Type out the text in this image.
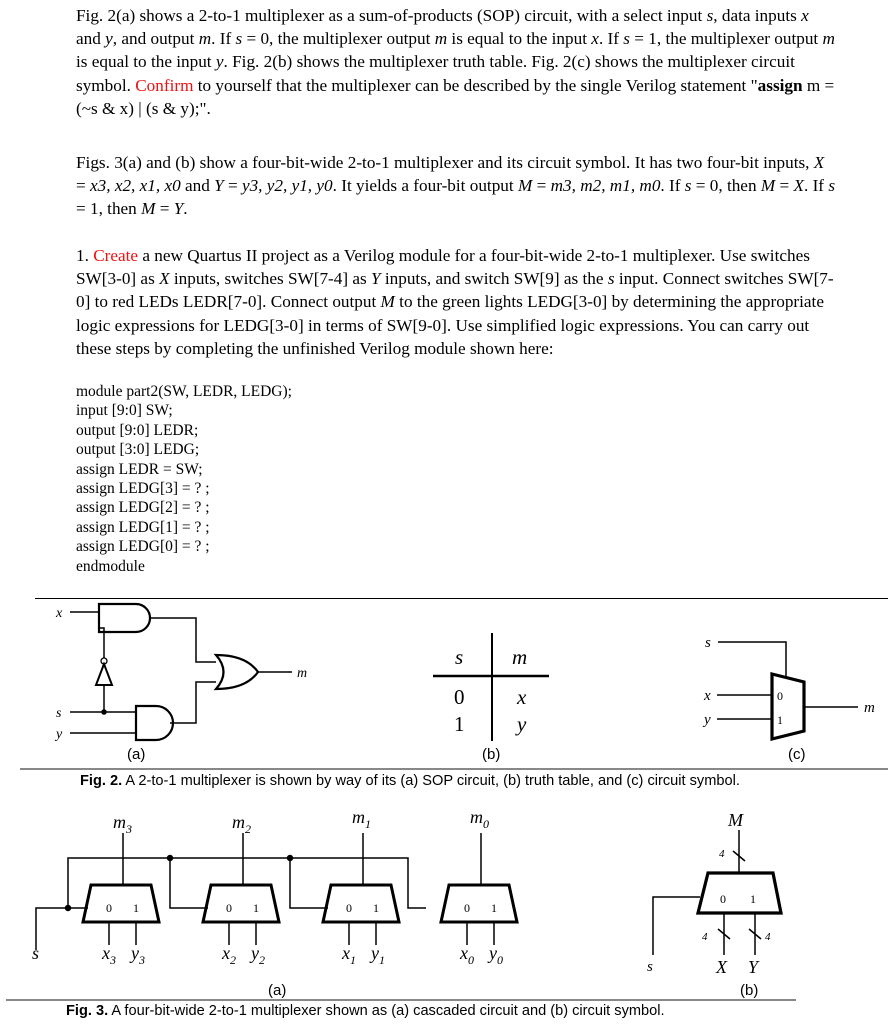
Fig. 2(a) shows a 2-to-1 multiplexer as a sum-of-products (SOP) circuit, with a select input s, data inputs x and y, and output m. If s = 0, the multiplexer output m is equal to the input x. If s = 1, the multiplexer output m is equal to the input y. Fig. 2(b) shows the multiplexer truth table. Fig. 2(c) shows the multiplexer circuit symbol. Confirm to yourself that the multiplexer can be described by the single Verilog statement "assign m = (~s & x) | (s & y);".
Figs. 3(a) and (b) show a four-bit-wide 2-to-1 multiplexer and its circuit symbol. It has two four-bit inputs, X = x3, x2, x1, x0 and Y = y3, y2, y1, y0. It yields a four-bit output M = m3, m2, m1, m0. If s = 0, then M = X. If s = 1, then M = Y.
1. Create a new Quartus II project as a Verilog module for a four-bit-wide 2-to-1 multiplexer. Use switches SW[3-0] as X inputs, switches SW[7-4] as Y inputs, and switch SW[9] as the s input. Connect switches SW[7-0] to red LEDs LEDR[7-0]. Connect output M to the green lights LEDG[3-0] by determining the appropriate logic expressions for LEDG[3-0] in terms of SW[9-0]. Use simplified logic expressions. You can carry out these steps by completing the unfinished Verilog module shown here:
module part2(SW, LEDR, LEDG);
input [9:0] SW;
output [9:0] LEDR;
output [3:0] LEDG;
assign LEDR = SW;
assign LEDG[3] = ? ;
assign LEDG[2] = ? ;
assign LEDG[1] = ? ;
assign LEDG[0] = ? ;
endmodule
x
s
y
m
(a)
s m
0	x
1	y
(b)
s
x
y
m
0
1
(c)
Fig. 2. A 2-to-1 multiplexer is shown by way of its (a) SOP circuit, (b) truth table, and (c) circuit symbol.
0 1	0 1	0 1	0 1
$m_3$	$m_2$
$m_1$	$m_0$
s	$x_3$ $y_3$	$x_2$ $y_2$	$x_1$ $y_1$	$x_0$ $y_0$
(a)
M
4
0 1
4	4
s	X Y
(b)
Fig. 3. A four-bit-wide 2-to-1 multiplexer shown as (a) cascaded circuit and (b) circuit symbol.
